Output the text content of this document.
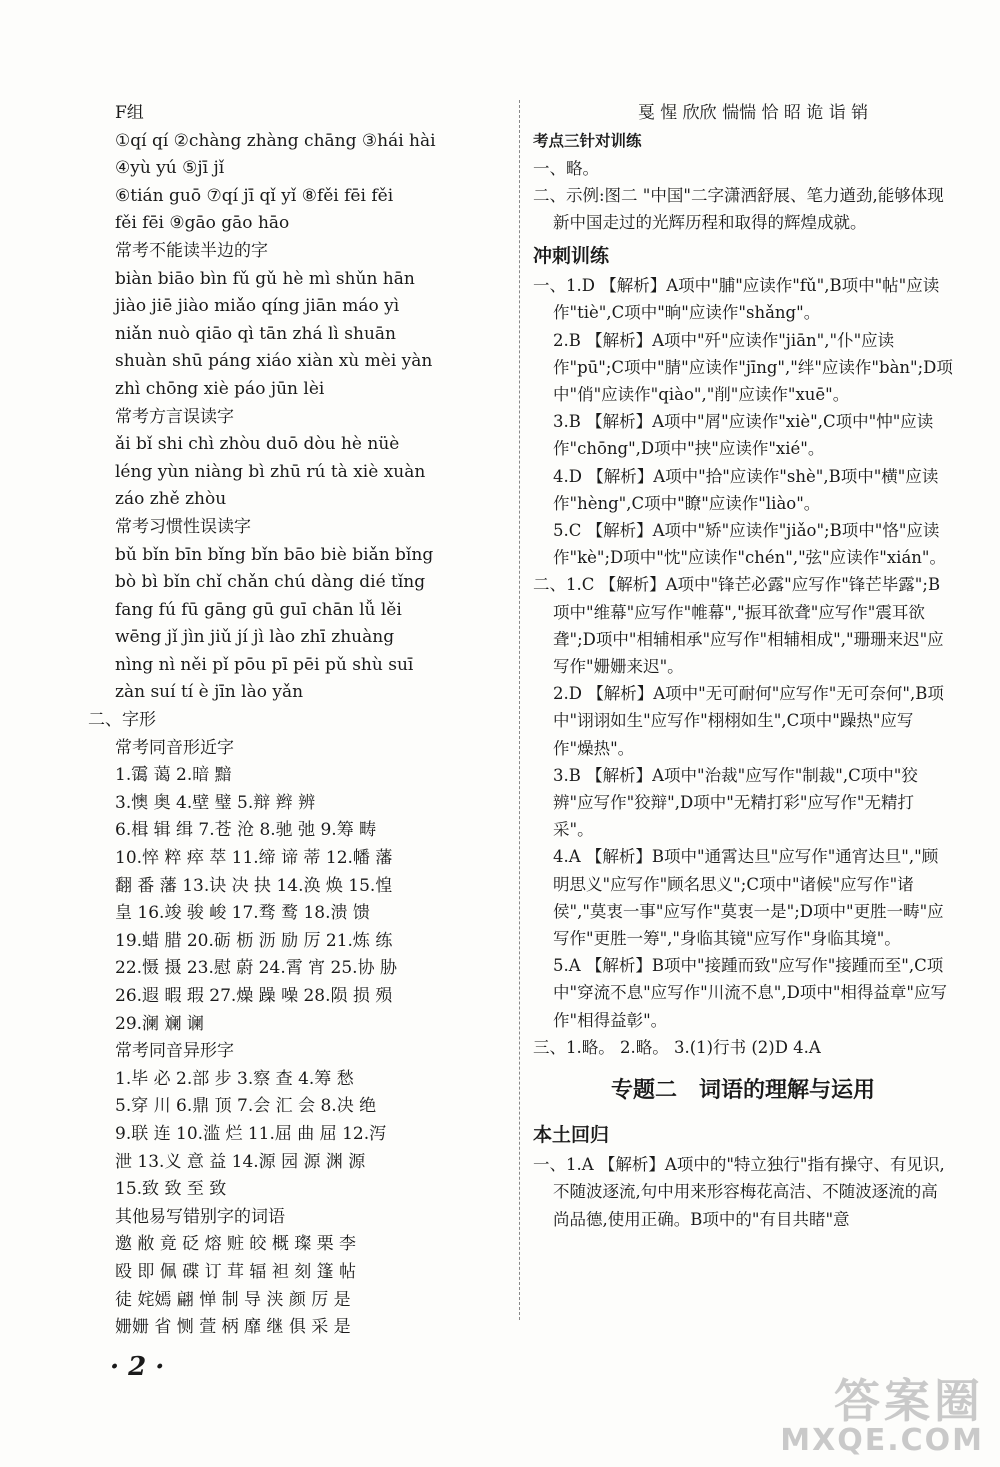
F组
①qí qí ②chàng zhàng chāng ③hái hài
④yù yú ⑤jī jǐ
⑥tián guō ⑦qí jī qǐ yǐ ⑧fěi fēi fěi
fěi fēi ⑨gāo gāo hāo
常考不能读半边的字
biàn biāo bìn fǔ gǔ hè mì shǔn hān
jiào jiē jiào miǎo qíng jiān máo yì
niǎn nuò qiāo qì tān zhá lì shuān
shuàn shū páng xiáo xiàn xù mèi yàn
zhì chōng xiè páo jūn lèi
常考方言误读字
ǎi bǐ shi chì zhòu duō dòu hè nüè
léng yùn niàng bì zhū rú tà xiè xuàn
záo zhě zhòu
常考习惯性误读字
bǔ bǐn bīn bǐng bǐn bāo biè biǎn bǐng
bò bì bǐn chǐ chǎn chú dàng dié tǐng
fang fú fū gāng gū guī chān lǚ lěi
wēng jǐ jìn jiǔ jí jì lào zhī zhuàng
nìng nì něi pǐ pōu pī pēi pǔ shù suī
zàn suí tí è jīn lào yǎn
二、字形
常考同音形近字
1.霭 蔼 2.暗 黯
3.懊 奥 4.壁 璧 5.辩 辫 辨
6.楫 辑 缉 7.苍 沧 8.驰 弛 9.筹 畴
10.悴 粹 瘁 萃 11.缔 谛 蒂 12.幡 藩
翻 番 藩 13.诀 决 抉 14.涣 焕 15.惶
皇 16.竣 骏 峻 17.骛 鹜 18.溃 馈
19.蜡 腊 20.砺 枥 沥 励 厉 21.炼 练
22.慑 摄 23.慰 蔚 24.霄 宵 25.协 胁
26.遐 暇 瑕 27.燥 躁 噪 28.陨 损 殒
29.澜 斓 谰
常考同音异形字
1.毕 必 2.部 步 3.察 查 4.筹 愁
5.穿 川 6.鼎 顶 7.会 汇 会 8.决 绝
9.联 连 10.滥 烂 11.屈 曲 屈 12.泻
泄 13.义 意 益 14.源 园 源 渊 源
15.致 致 至 致
其他易写错别字的词语
邀 敝 竟 砭 熔 赃 皎 概 璨 栗 李
殴 即 佩 碟 订 茸 辐 袒 刻 篷 帖
徒 姹嫣 翩 惮 制 导 浃 颜 厉 是
姗姗 省 恻 萱 柄 靡 继 俱 采 是
戛 惺 欣欣 惴惴 恰 昭 诡 诣 销
考点三针对训练
一、略。
二、示例:图二 "中国"二字潇洒舒展、笔力遒劲,能够体现新中国走过的光辉历程和取得的辉煌成就。
冲刺训练
一、1.D 【解析】A项中"脯"应读作"fǔ",B项中"帖"应读作"tiè",C项中"晌"应读作"shǎng"。
2.B 【解析】A项中"歼"应读作"jiān","仆"应读作"pū";C项中"腈"应读作"jīng","绊"应读作"bàn";D项中"俏"应读作"qiào","削"应读作"xuē"。
3.B 【解析】A项中"屑"应读作"xiè",C项中"忡"应读作"chōng",D项中"挟"应读作"xié"。
4.D 【解析】A项中"拾"应读作"shè",B项中"横"应读作"hèng",C项中"瞭"应读作"liào"。
5.C 【解析】A项中"矫"应读作"jiǎo";B项中"恪"应读作"kè";D项中"忱"应读作"chén","弦"应读作"xián"。
二、1.C 【解析】A项中"锋芒必露"应写作"锋芒毕露";B项中"维幕"应写作"帷幕","振耳欲聋"应写作"震耳欲聋";D项中"相辅相承"应写作"相辅相成","珊珊来迟"应写作"姗姗来迟"。
2.D 【解析】A项中"无可耐何"应写作"无可奈何",B项中"诩诩如生"应写作"栩栩如生",C项中"躁热"应写作"燥热"。
3.B 【解析】A项中"治裁"应写作"制裁",C项中"狡辨"应写作"狡辩",D项中"无精打彩"应写作"无精打采"。
4.A 【解析】B项中"通霄达旦"应写作"通宵达旦","顾明思义"应写作"顾名思义";C项中"诸候"应写作"诸侯","莫衷一事"应写作"莫衷一是";D项中"更胜一畴"应写作"更胜一筹","身临其镜"应写作"身临其境"。
5.A 【解析】B项中"接踵而致"应写作"接踵而至",C项中"穿流不息"应写作"川流不息",D项中"相得益章"应写作"相得益彰"。
三、1.略。 2.略。 3.(1)行书 (2)D 4.A
专题二　词语的理解与运用
本土回归
一、1.A 【解析】A项中的"特立独行"指有操守、有见识,不随波逐流,句中用来形容梅花高洁、不随波逐流的高尚品德,使用正确。B项中的"有目共睹"意
· 2 ·
答案圈
MXQE.COM
